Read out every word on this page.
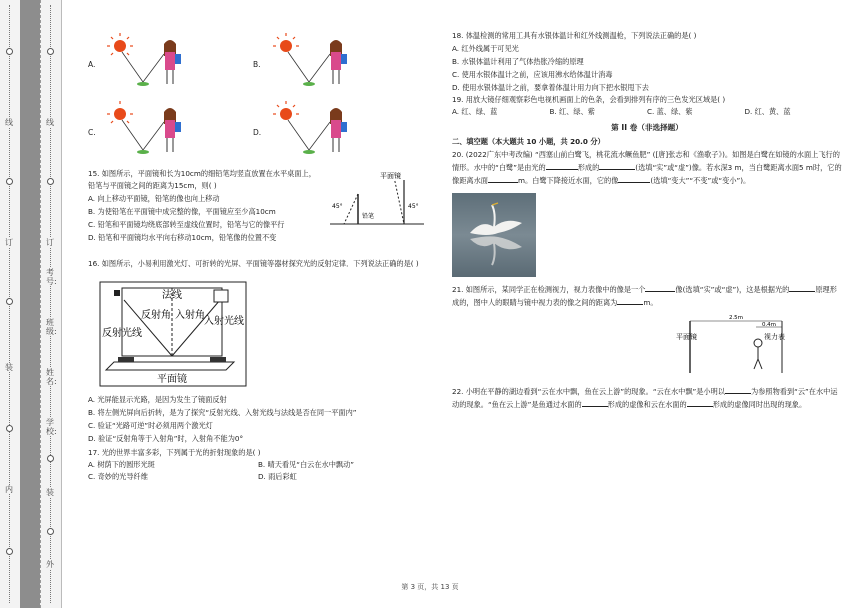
线
订
装
内
线
订
考号:
班级:
姓名:
学校:
装
外
A.	B.
C.	D.

15. 如图所示，平面镜和长为10cm的细铅笔均竖直放置在水平桌面上，铅笔与平面镜之间的距离为15cm，则( )

A. 向上移动平面镜，铅笔的像也向上移动

B. 为使铅笔在平面镜中成完整的像，平面镜应至少高10cm

C. 铅笔和平面镜均绕底部转至虚线位置时，铅笔与它的像平行

D. 铅笔和平面镜均水平向右移动10cm，铅笔像的位置不变

平面镜
45°
铅笔
45°

16. 如图所示，小易利用激光灯、可折转的光屏、平面镜等器材探究光的反射定律．下列说法正确的是( )

法线
反射角 入射角
反射光线
入射光线
平面镜

A. 光屏能显示光路，是因为发生了镜面反射

B. 将左侧光屏向后折转，是为了探究“反射光线、入射光线与法线是否在同一平面内”

C. 验证“光路可逆”时必须用两个激光灯

D. 验证“反射角等于入射角”时，入射角不能为0°

17. 光的世界丰富多彩，下列属于光的折射现象的是( )

A. 树荫下的圆形光斑	B. 晴天看见“白云在水中飘动”
C. 奇妙的光导纤维	D. 雨后彩虹

18. 体温检测的常用工具有水银体温计和红外线测温枪，下列说法正确的是( )

A. 红外线属于可见光

B. 水银体温计利用了气体热胀冷缩的原理

C. 使用水银体温计之前，应该用沸水给体温计消毒

D. 使用水银体温计之前，要拿着体温计用力向下把水银甩下去

19. 用放大镜仔细观察彩色电视机画面上的色条，会看到排列有序的三色发光区域是( )

A. 红、绿、蓝	B. 红、绿、紫	C. 蓝、绿、紫	D. 红、黄、蓝
第 II 卷（非选择题）
二、填空题（本大题共 10 小题，共 20.0 分）

20. (2022广东中考改编) “西塞山前白鹭飞，桃花流水鳜鱼肥” ([唐]张志和《渔歌子》)。如图是白鹭在如镜的水面上飞行的情形。水中的“白鹭”是由光的	形成的	(选填“实”或“虚”)像。若水深3 m，当白鹭距离水面5 m时，它的像距离水面	m。白鹭下降接近水面，它的像	(选填“变大”“不变”或“变小”)。

21. 如图所示，某同学正在检测视力，视力表像中的像是一个	像(选填“实”或“虚”)，这是根据光的	原理形成的，图中人的眼睛与镜中视力表的像之间的距离为	m。

2.5m
0.4m
平面镜	视力表

22. 小明在平静的湖边看到“云在水中飘，鱼在云上游”的现象。“云在水中飘”是小明以	为参照物看到“云”在水中运动的现象。“鱼在云上游”是鱼通过水面的	形成的虚像和云在水面的	形成的虚像同时出现的现象。

第 3 页，共 13 页
